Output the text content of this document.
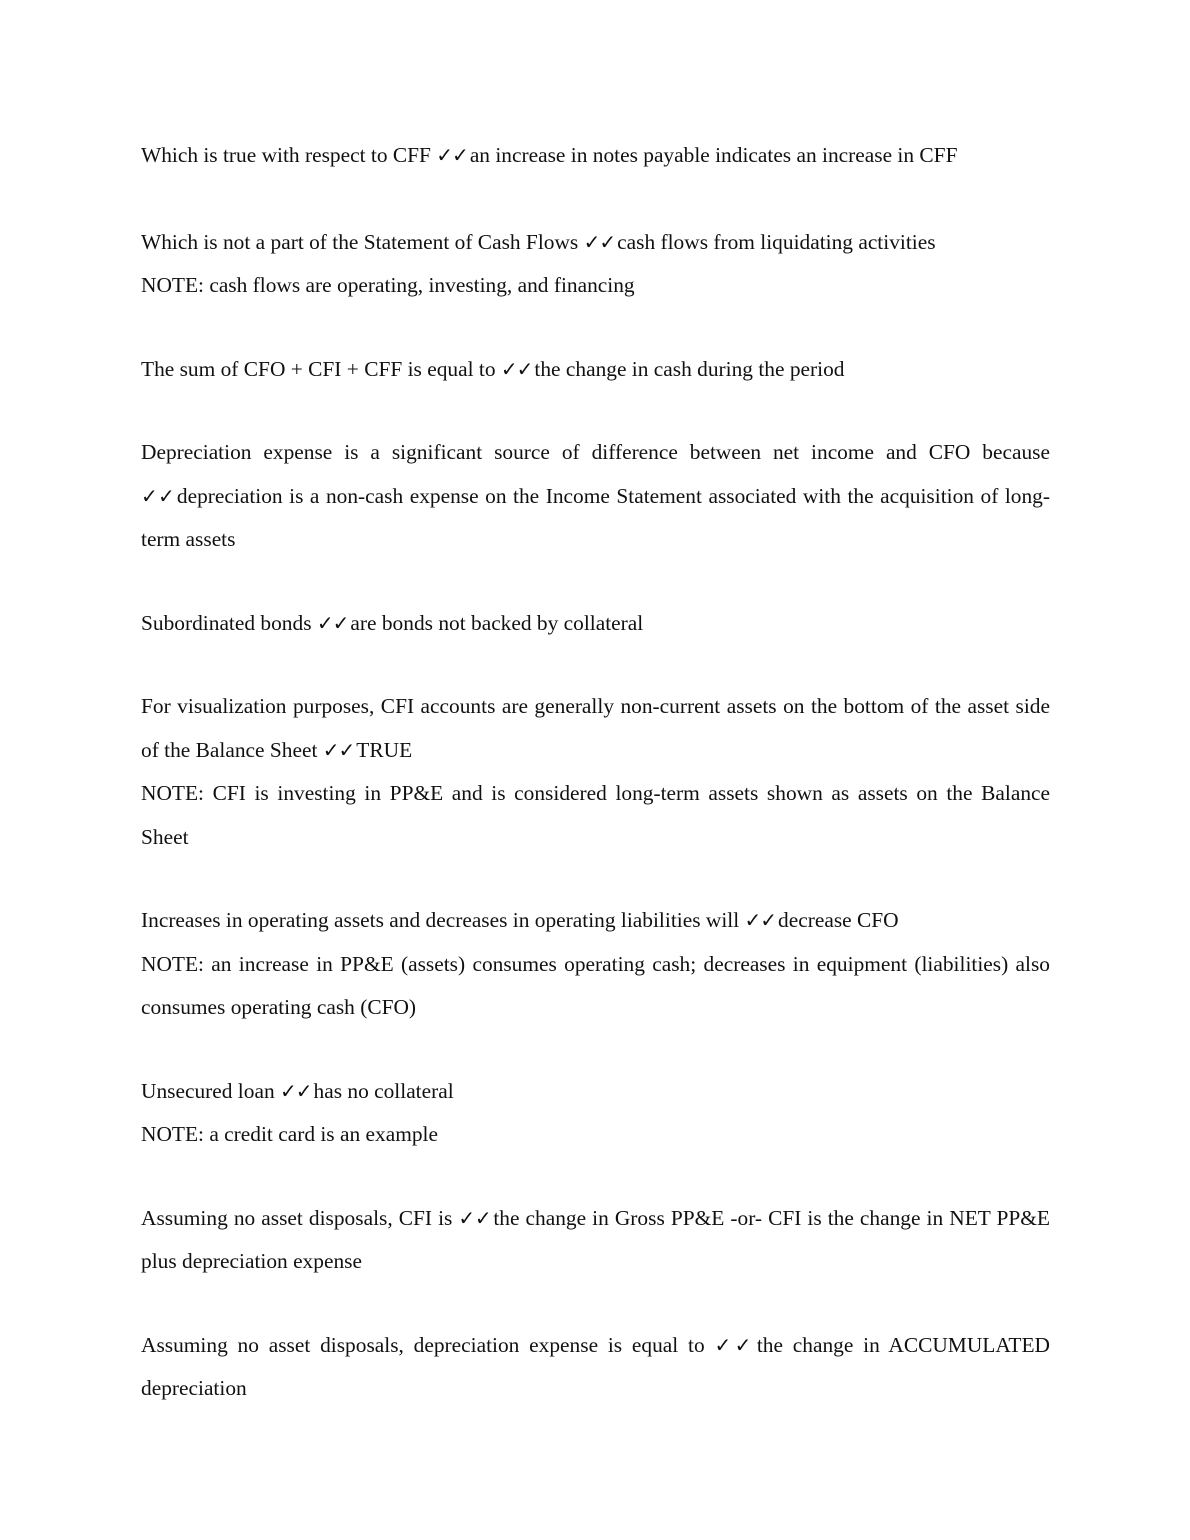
Which is true with respect to CFF ✓✓an increase in notes payable indicates an increase in CFF

Which is not a part of the Statement of Cash Flows ✓✓cash flows from liquidating activities

NOTE: cash flows are operating, investing, and financing

The sum of CFO + CFI + CFF is equal to ✓✓the change in cash during the period

Depreciation expense is a significant source of difference between net income and CFO because ✓✓depreciation is a non-cash expense on the Income Statement associated with the acquisition of long-term assets

Subordinated bonds ✓✓are bonds not backed by collateral

For visualization purposes, CFI accounts are generally non-current assets on the bottom of the asset side of the Balance Sheet ✓✓TRUE

NOTE: CFI is investing in PP&E and is considered long-term assets shown as assets on the Balance Sheet

Increases in operating assets and decreases in operating liabilities will ✓✓decrease CFO

NOTE: an increase in PP&E (assets) consumes operating cash; decreases in equipment (liabilities) also consumes operating cash (CFO)

Unsecured loan ✓✓has no collateral

NOTE: a credit card is an example

Assuming no asset disposals, CFI is ✓✓the change in Gross PP&E -or- CFI is the change in NET PP&E plus depreciation expense

Assuming no asset disposals, depreciation expense is equal to ✓✓the change in ACCUMULATED depreciation
